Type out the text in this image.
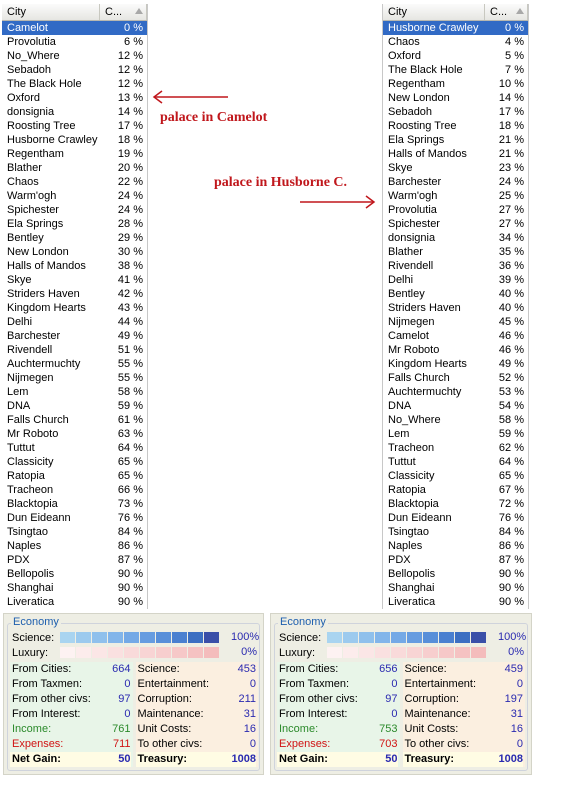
City	C...
Camelot	0 %
Provolutia	6 %
No_Where	12 %
Sebadoh	12 %
The Black Hole	12 %
Oxford	13 %
donsignia	14 %
Roosting Tree	17 %
Husborne Crawley	18 %
Regentham	19 %
Blather	20 %
Chaos	22 %
Warm'ogh	24 %
Spichester	24 %
Ela Springs	28 %
Bentley	29 %
New London	30 %
Halls of Mandos	38 %
Skye	41 %
Striders Haven	42 %
Kingdom Hearts	43 %
Delhi	44 %
Barchester	49 %
Rivendell	51 %
Auchtermuchty	55 %
Nijmegen	55 %
Lem	58 %
DNA	59 %
Falls Church	61 %
Mr Roboto	63 %
Tuttut	64 %
Classicity	65 %
Ratopia	65 %
Tracheon	66 %
Blacktopia	73 %
Dun Eideann	76 %
Tsingtao	84 %
Naples	86 %
PDX	87 %
Bellopolis	90 %
Shanghai	90 %
Liveratica	90 %
City	C...
Husborne Crawley	0 %
Chaos	4 %
Oxford	5 %
The Black Hole	7 %
Regentham	10 %
New London	14 %
Sebadoh	17 %
Roosting Tree	18 %
Ela Springs	21 %
Halls of Mandos	21 %
Skye	23 %
Barchester	24 %
Warm'ogh	25 %
Provolutia	27 %
Spichester	27 %
donsignia	34 %
Blather	35 %
Rivendell	36 %
Delhi	39 %
Bentley	40 %
Striders Haven	40 %
Nijmegen	45 %
Camelot	46 %
Mr Roboto	46 %
Kingdom Hearts	49 %
Falls Church	52 %
Auchtermuchty	53 %
DNA	54 %
No_Where	58 %
Lem	59 %
Tracheon	62 %
Tuttut	64 %
Classicity	65 %
Ratopia	67 %
Blacktopia	72 %
Dun Eideann	76 %
Tsingtao	84 %
Naples	86 %
PDX	87 %
Bellopolis	90 %
Shanghai	90 %
Liveratica	90 %
palace in Camelot
palace in Husborne C.
Economy
Science:	100%
Luxury:	0%
From Cities:	664
From Taxmen:	0
From other civs: 97
From Interest:	0
Income:	761
Expenses:	711
Net Gain:	50
Science:	453
Entertainment:	0
Corruption:	211
Maintenance:	31
Unit Costs:	16
To other civs:	0
Treasury:	1008
Economy
Science:	100%
Luxury:	0%
From Cities:	656
From Taxmen:	0
From other civs: 97
From Interest:	0
Income:	753
Expenses:	703
Net Gain:	50
Science:	459
Entertainment:	0
Corruption:	197
Maintenance:	31
Unit Costs:	16
To other civs:	0
Treasury:	1008
